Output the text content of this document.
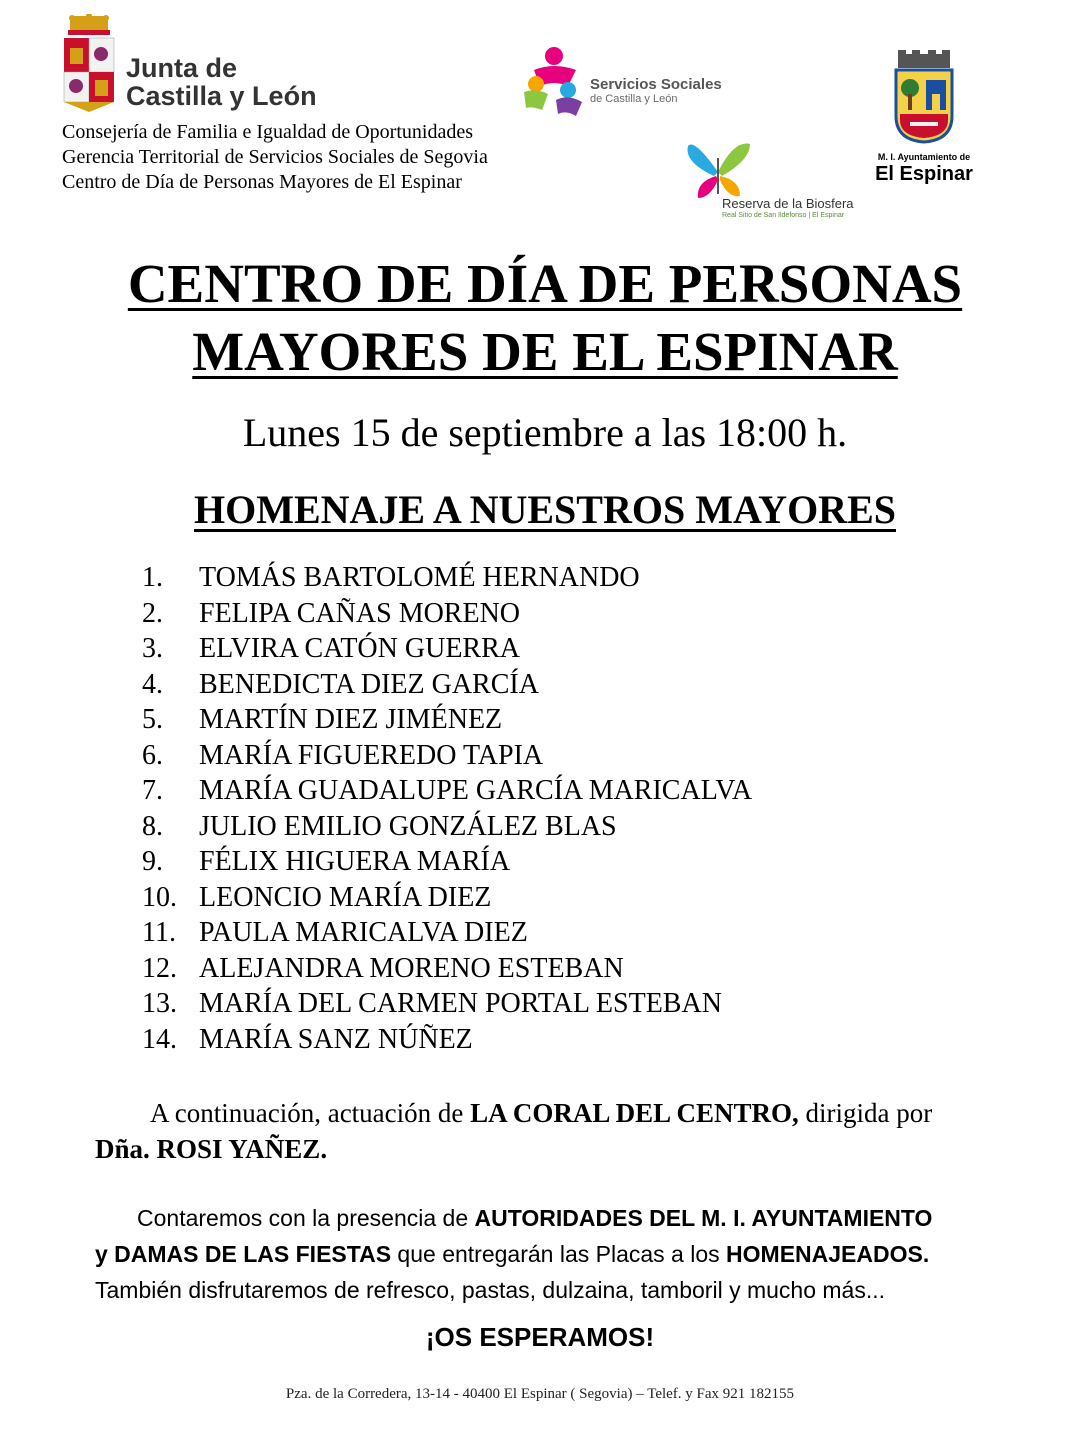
Junta de
Castilla y León
Consejería de Familia e Igualdad de Oportunidades
Gerencia Territorial de Servicios Sociales de Segovia
Centro de Día de Personas Mayores de El Espinar
Servicios Sociales
de Castilla y León
Reserva de la Biosfera
Real Sitio de San Ildefonso | El Espinar
M. I. Ayuntamiento de
El Espinar
CENTRO DE DÍA DE PERSONAS
MAYORES DE EL ESPINAR
Lunes 15 de septiembre a las 18:00 h.
HOMENAJE A NUESTROS MAYORES
1.	TOMÁS BARTOLOMÉ HERNANDO
2.	FELIPA CAÑAS MORENO
3.	ELVIRA CATÓN GUERRA
4.	BENEDICTA DIEZ GARCÍA
5.	MARTÍN DIEZ JIMÉNEZ
6.	MARÍA FIGUEREDO TAPIA
7.	MARÍA GUADALUPE GARCÍA MARICALVA
8.	JULIO EMILIO GONZÁLEZ BLAS
9.	FÉLIX HIGUERA MARÍA
10. LEONCIO MARÍA DIEZ
11. PAULA MARICALVA DIEZ
12. ALEJANDRA MORENO ESTEBAN
13. MARÍA DEL CARMEN PORTAL ESTEBAN
14. MARÍA SANZ NÚÑEZ
A continuación, actuación de LA CORAL DEL CENTRO, dirigida por
Dña. ROSI YAÑEZ.
Contaremos con la presencia de AUTORIDADES DEL M. I. AYUNTAMIENTO
y DAMAS DE LAS FIESTAS que entregarán las Placas a los HOMENAJEADOS.
También disfrutaremos de refresco, pastas, dulzaina, tamboril y mucho más...
¡OS ESPERAMOS!
Pza. de la Corredera, 13-14 - 40400 El Espinar ( Segovia) – Telef. y Fax 921 182155
